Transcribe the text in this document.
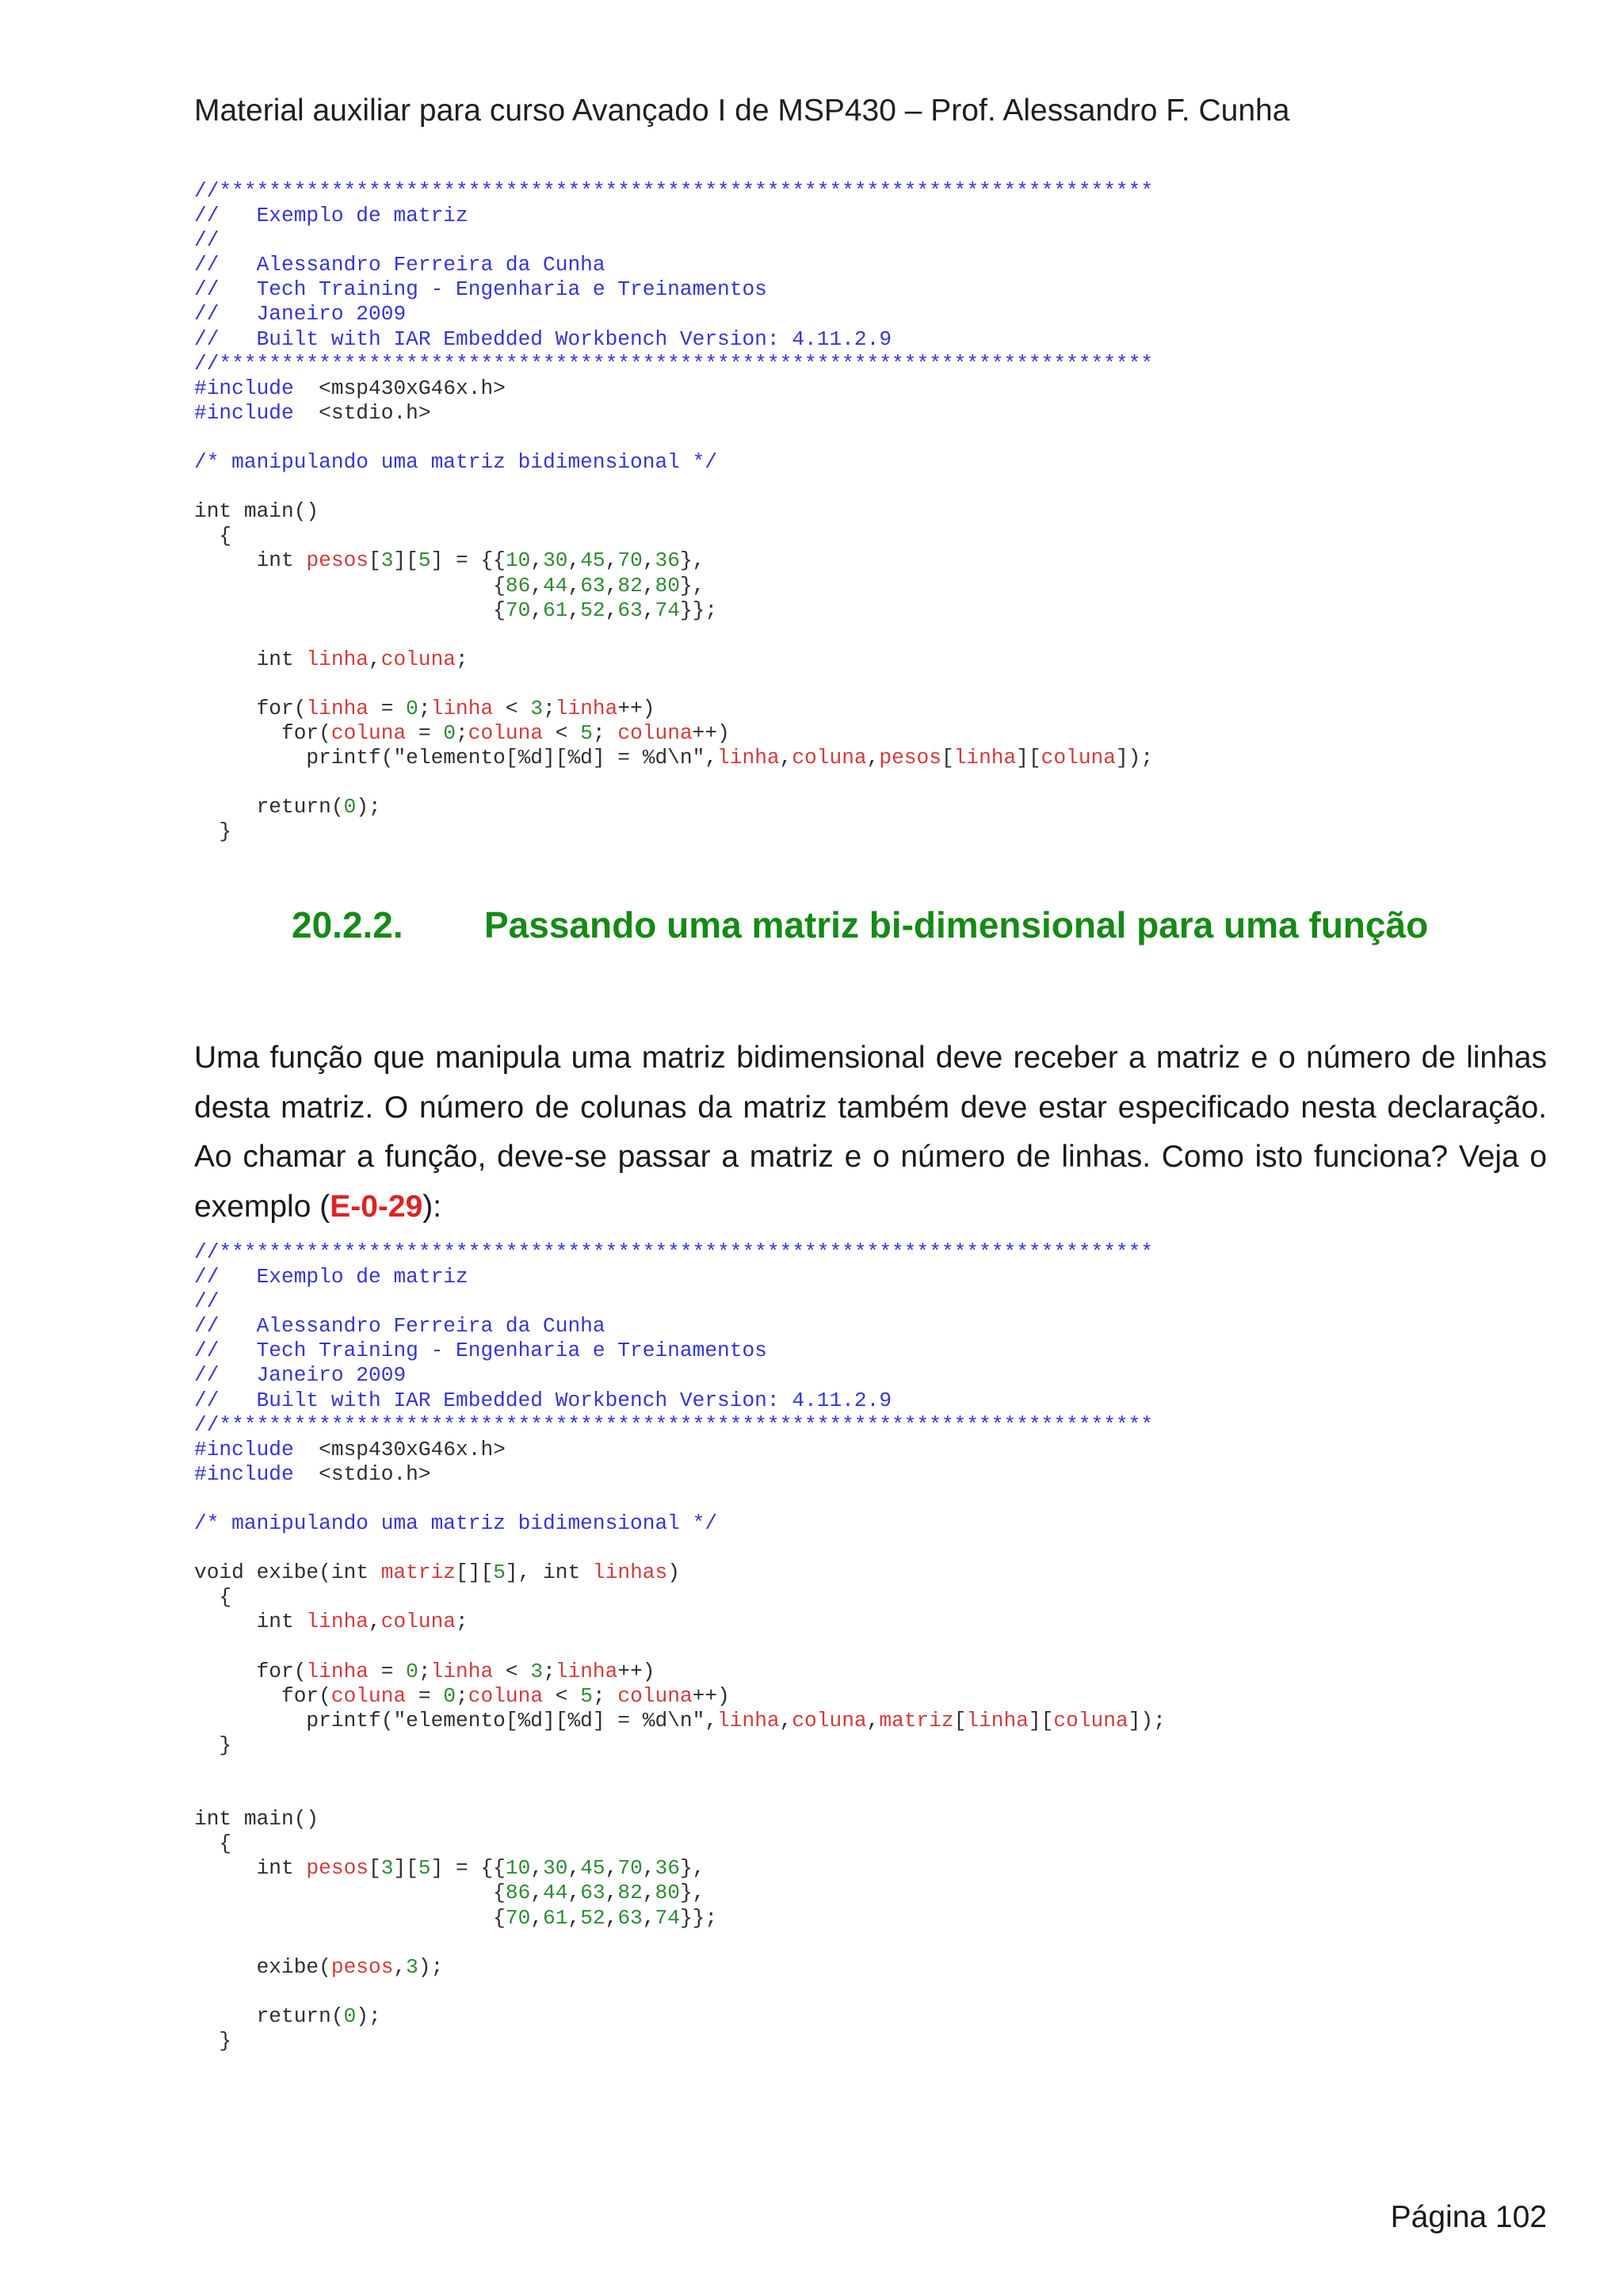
Material auxiliar para curso Avançado I de MSP430 – Prof. Alessandro F. Cunha
//***************************************************************************
//   Exemplo de matriz
//
//   Alessandro Ferreira da Cunha
//   Tech Training - Engenharia e Treinamentos
//   Janeiro 2009
//   Built with IAR Embedded Workbench Version: 4.11.2.9
//***************************************************************************
#include  <msp430xG46x.h>
#include  <stdio.h>

/* manipulando uma matriz bidimensional */

int main()
{
int pesos[3][5] = {{10,30,45,70,36},
{86,44,63,82,80},
{70,61,52,63,74}};

int linha,coluna;

for(linha = 0;linha < 3;linha++)
for(coluna = 0;coluna < 5; coluna++)
printf("elemento[%d][%d] = %d\n",linha,coluna,pesos[linha][coluna]);

return(0);
}
20.2.2. Passando uma matriz bi-dimensional para uma função

Uma função que manipula uma matriz bidimensional deve receber a matriz e o número de linhas desta matriz. O número de colunas da matriz também deve estar especificado nesta declaração. Ao chamar a função, deve-se passar a matriz e o número de linhas. Como isto funciona? Veja o exemplo (E-0-29):

//***************************************************************************
//   Exemplo de matriz
//
//   Alessandro Ferreira da Cunha
//   Tech Training - Engenharia e Treinamentos
//   Janeiro 2009
//   Built with IAR Embedded Workbench Version: 4.11.2.9
//***************************************************************************
#include  <msp430xG46x.h>
#include  <stdio.h>

/* manipulando uma matriz bidimensional */

void exibe(int matriz[][5], int linhas)
{
int linha,coluna;

for(linha = 0;linha < 3;linha++)
for(coluna = 0;coluna < 5; coluna++)
printf("elemento[%d][%d] = %d\n",linha,coluna,matriz[linha][coluna]);
}

int main()
{
int pesos[3][5] = {{10,30,45,70,36},
{86,44,63,82,80},
{70,61,52,63,74}};

exibe(pesos,3);

return(0);
}
Página 102
